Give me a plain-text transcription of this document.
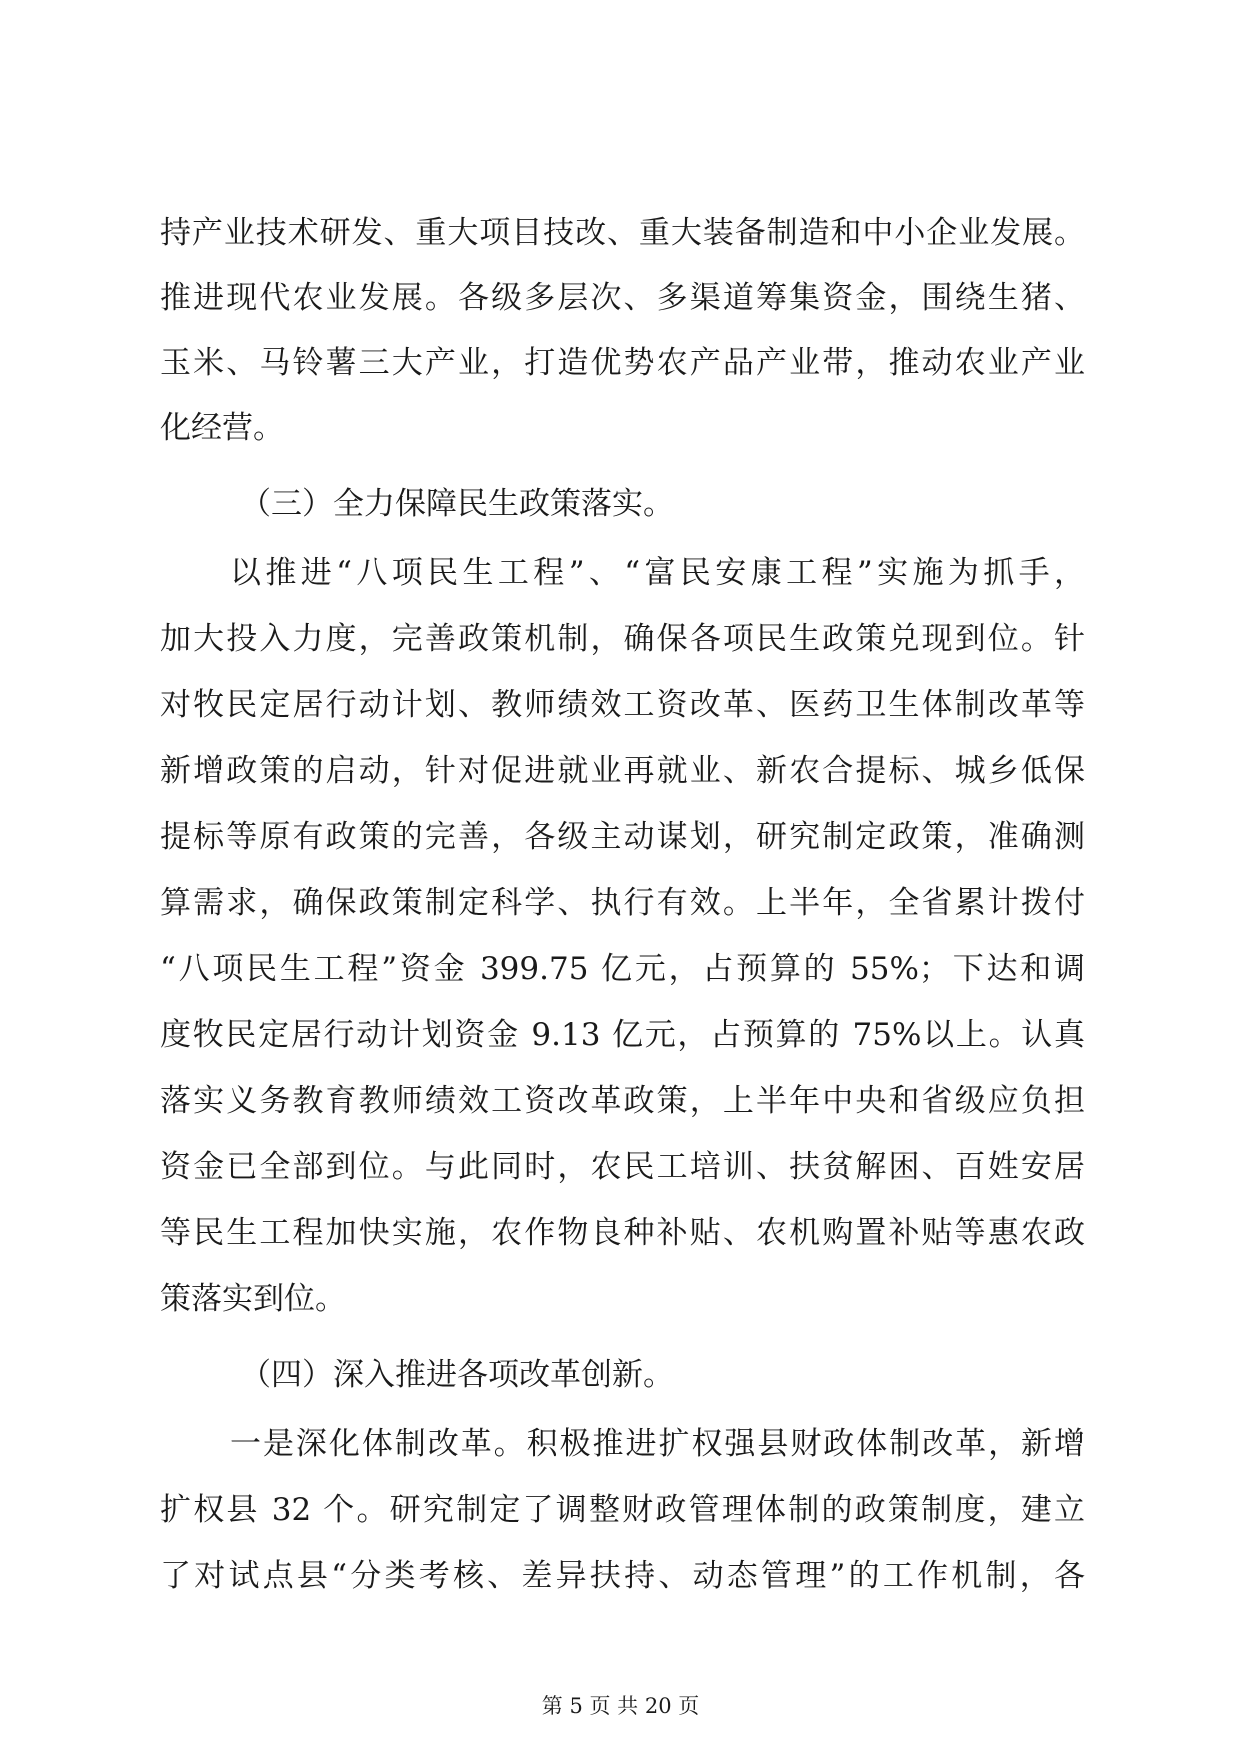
持产业技术研发、重大项目技改、重大装备制造和中小企业发展。
推进现代农业发展。各级多层次、多渠道筹集资金，围绕生猪、
玉米、马铃薯三大产业，打造优势农产品产业带，推动农业产业
化经营。
（三）全力保障民生政策落实。
以推进“八项民生工程”、“富民安康工程”实施为抓手，
加大投入力度，完善政策机制，确保各项民生政策兑现到位。针
对牧民定居行动计划、教师绩效工资改革、医药卫生体制改革等
新增政策的启动，针对促进就业再就业、新农合提标、城乡低保
提标等原有政策的完善，各级主动谋划，研究制定政策，准确测
算需求，确保政策制定科学、执行有效。上半年，全省累计拨付
“八项民生工程”资金 399.75 亿元，占预算的 55%；下达和调
度牧民定居行动计划资金 9.13 亿元，占预算的 75%以上。认真
落实义务教育教师绩效工资改革政策，上半年中央和省级应负担
资金已全部到位。与此同时，农民工培训、扶贫解困、百姓安居
等民生工程加快实施，农作物良种补贴、农机购置补贴等惠农政
策落实到位。
（四）深入推进各项改革创新。
一是深化体制改革。积极推进扩权强县财政体制改革，新增
扩权县 32 个。研究制定了调整财政管理体制的政策制度，建立
了对试点县“分类考核、差异扶持、动态管理”的工作机制，各
第 5 页 共 20 页
